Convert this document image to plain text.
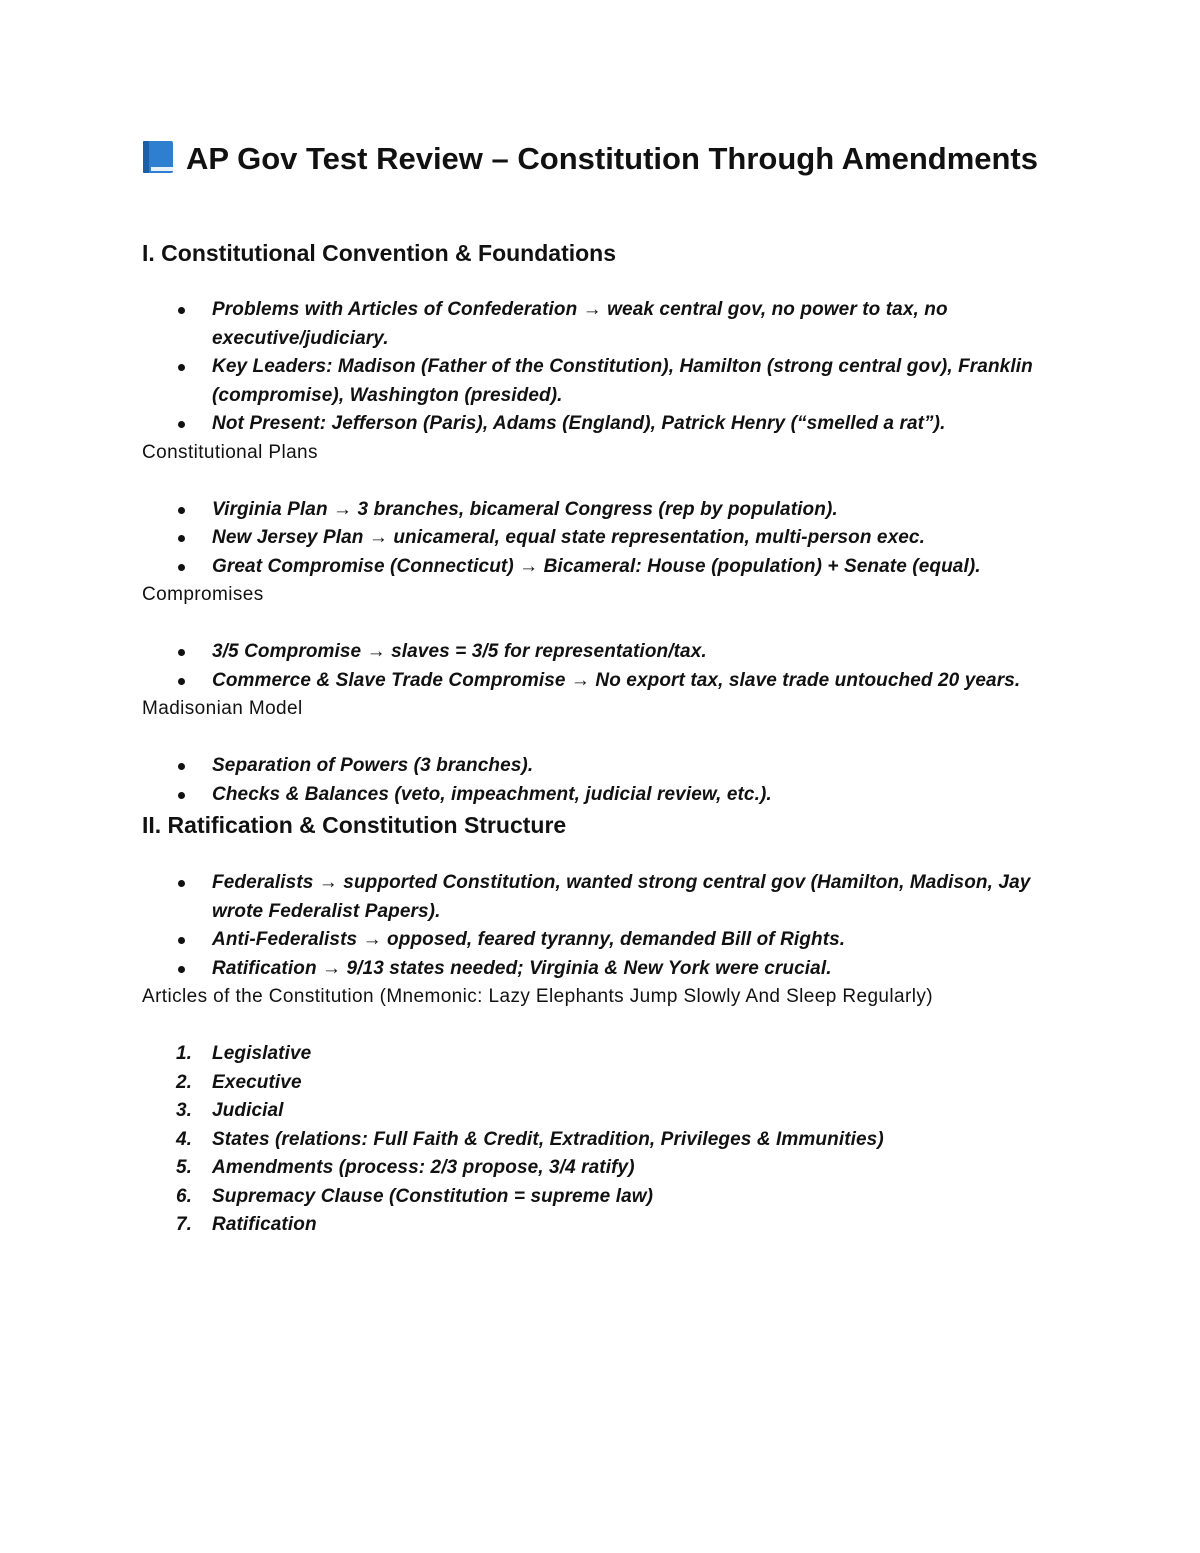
AP Gov Test Review – Constitution Through Amendments
I. Constitutional Convention & Foundations
Problems with Articles of Confederation → weak central gov, no power to tax, no executive/judiciary.
Key Leaders: Madison (Father of the Constitution), Hamilton (strong central gov), Franklin (compromise), Washington (presided).
Not Present: Jefferson (Paris), Adams (England), Patrick Henry (“smelled a rat”).

Constitutional Plans

Virginia Plan → 3 branches, bicameral Congress (rep by population).
New Jersey Plan → unicameral, equal state representation, multi-person exec.
Great Compromise (Connecticut) → Bicameral: House (population) + Senate (equal).

Compromises

3/5 Compromise → slaves = 3/5 for representation/tax.
Commerce & Slave Trade Compromise → No export tax, slave trade untouched 20 years.

Madisonian Model

Separation of Powers (3 branches).
Checks & Balances (veto, impeachment, judicial review, etc.).
II. Ratification & Constitution Structure
Federalists → supported Constitution, wanted strong central gov (Hamilton, Madison, Jay wrote Federalist Papers).
Anti-Federalists → opposed, feared tyranny, demanded Bill of Rights.
Ratification → 9/13 states needed; Virginia & New York were crucial.

Articles of the Constitution (Mnemonic: Lazy Elephants Jump Slowly And Sleep Regularly)

1. Legislative
2. Executive
3. Judicial
4. States (relations: Full Faith & Credit, Extradition, Privileges & Immunities)
5. Amendments (process: 2/3 propose, 3/4 ratify)
6. Supremacy Clause (Constitution = supreme law)
7. Ratification
